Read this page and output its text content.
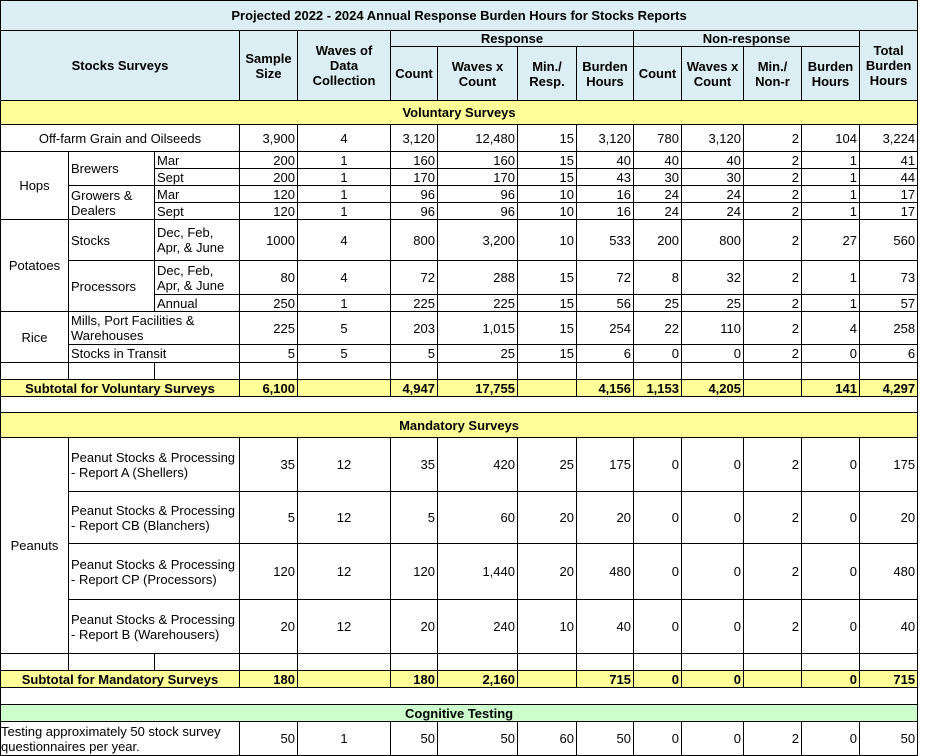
Projected 2022 - 2024 Annual Response Burden Hours for Stocks Reports													
Stocks Surveys			Sample Size	Waves of Data Collection	Response				Non-response				Total Burden Hours
					Count	Waves x Count	Min./ Resp.	Burden Hours	Count	Waves x Count	Min./ Non-r	Burden Hours	
Voluntary Surveys													
Off-farm Grain and Oilseeds			3,900	4	3,120	12,480	15	3,120	780	3,120	2	104	3,224
Hops	Brewers	Mar	200	1	160	160	15	40	40	40	2	1	41
		Sept	200	1	170	170	15	43	30	30	2	1	44
	Growers & Dealers	Mar	120	1	96	96	10	16	24	24	2	1	17
		Sept	120	1	96	96	10	16	24	24	2	1	17
Potatoes	Stocks	Dec, Feb, Apr, & June	1000	4	800	3,200	10	533	200	800	2	27	560
	Processors	Dec, Feb, Apr, & June	80	4	72	288	15	72	8	32	2	1	73
		Annual	250	1	225	225	15	56	25	25	2	1	57
Rice	Mills, Port Facilities & Warehouses		225	5	203	1,015	15	254	22	110	2	4	258
	Stocks in Transit		5	5	5	25	15	6	0	0	2	0	6

Subtotal for Voluntary Surveys			6,100		4,947	17,755		4,156	1,153	4,205		141	4,297

Mandatory Surveys													
Peanuts	Peanut Stocks & Processing - Report A (Shellers)		35	12	35	420	25	175	0	0	2	0	175
	Peanut Stocks & Processing - Report CB (Blanchers)		5	12	5	60	20	20	0	0	2	0	20
	Peanut Stocks & Processing - Report CP (Processors)		120	12	120	1,440	20	480	0	0	2	0	480
	Peanut Stocks & Processing - Report B (Warehousers)		20	12	20	240	10	40	0	0	2	0	40

Subtotal for Mandatory Surveys			180		180	2,160		715	0	0		0	715

Cognitive Testing													
Testing approximately 50 stock survey questionnaires per year.			50	1	50	50	60	50	0	0	2	0	50
